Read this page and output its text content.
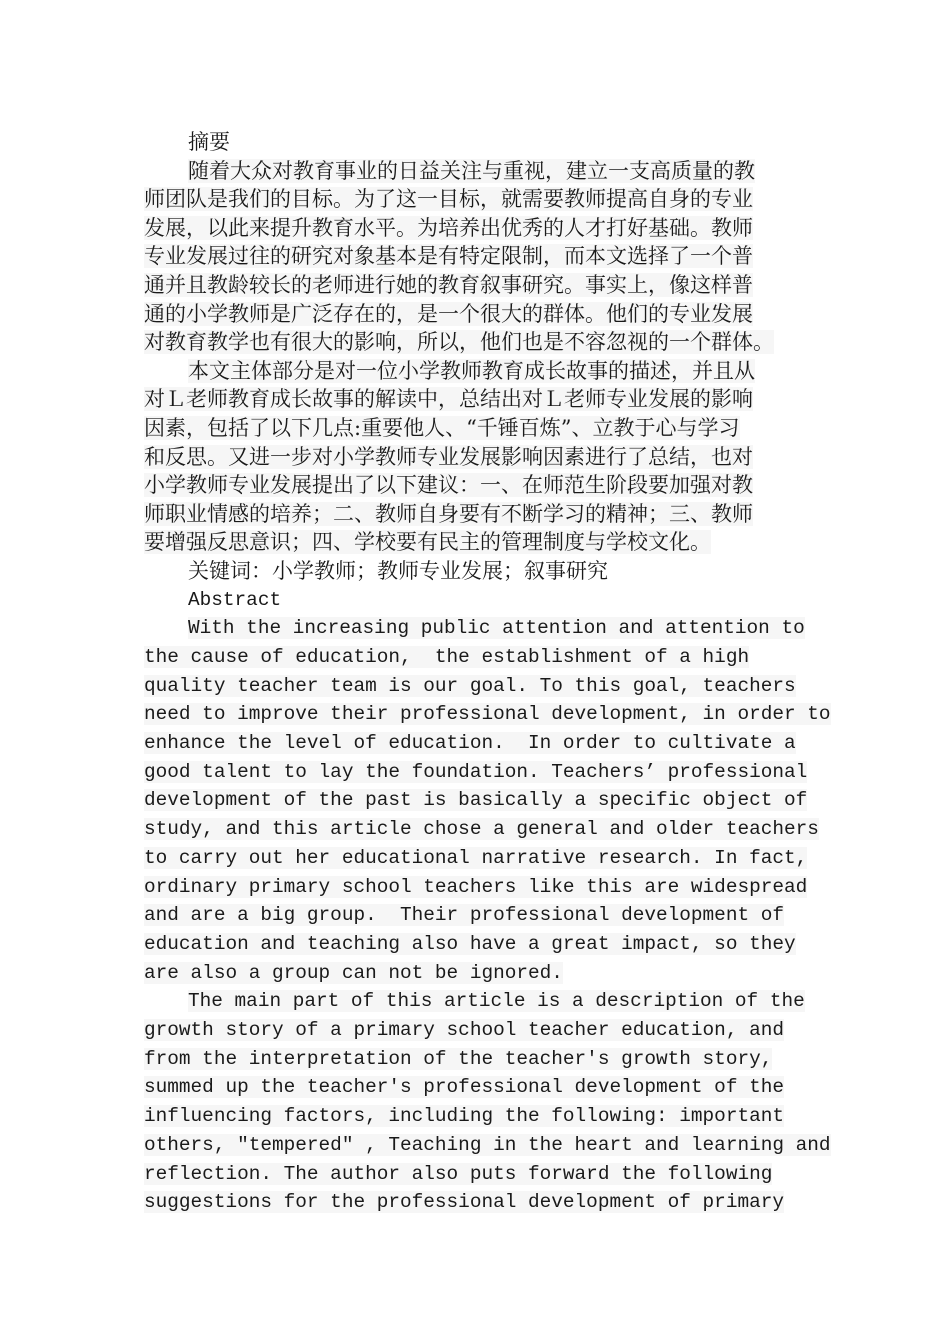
摘要
随着大众对教育事业的日益关注与重视，建立一支高质量的教
师团队是我们的目标。为了这一目标，就需要教师提高自身的专业
发展，以此来提升教育水平。为培养出优秀的人才打好基础。教师
专业发展过往的研究对象基本是有特定限制，而本文选择了一个普
通并且教龄较长的老师进行她的教育叙事研究。事实上，像这样普
通的小学教师是广泛存在的，是一个很大的群体。他们的专业发展
对教育教学也有很大的影响，所以，他们也是不容忽视的一个群体。
本文主体部分是对一位小学教师教育成长故事的描述，并且从
对Ｌ老师教育成长故事的解读中，总结出对Ｌ老师专业发展的影响
因素，包括了以下几点:重要他人、“千锤百炼”、立教于心与学习
和反思。又进一步对小学教师专业发展影响因素进行了总结，也对
小学教师专业发展提出了以下建议：一、在师范生阶段要加强对教
师职业情感的培养；二、教师自身要有不断学习的精神；三、教师
要增强反思意识；四、学校要有民主的管理制度与学校文化。
关键词：小学教师；教师专业发展；叙事研究
Abstract
With the increasing public attention and attention to
the cause of education,  the establishment of a high
quality teacher team is our goal. To this goal, teachers
need to improve their professional development, in order to
enhance the level of education.  In order to cultivate a
good talent to lay the foundation. Teachers’ professional
development of the past is basically a specific object of
study, and this article chose a general and older teachers
to carry out her educational narrative research. In fact,
ordinary primary school teachers like this are widespread
and are a big group.  Their professional development of
education and teaching also have a great impact, so they
are also a group can not be ignored.
The main part of this article is a description of the
growth story of a primary school teacher education, and
from the interpretation of the teacher's growth story,
summed up the teacher's professional development of the
influencing factors, including the following: important
others, "tempered" , Teaching in the heart and learning and
reflection. The author also puts forward the following
suggestions for the professional development of primary
